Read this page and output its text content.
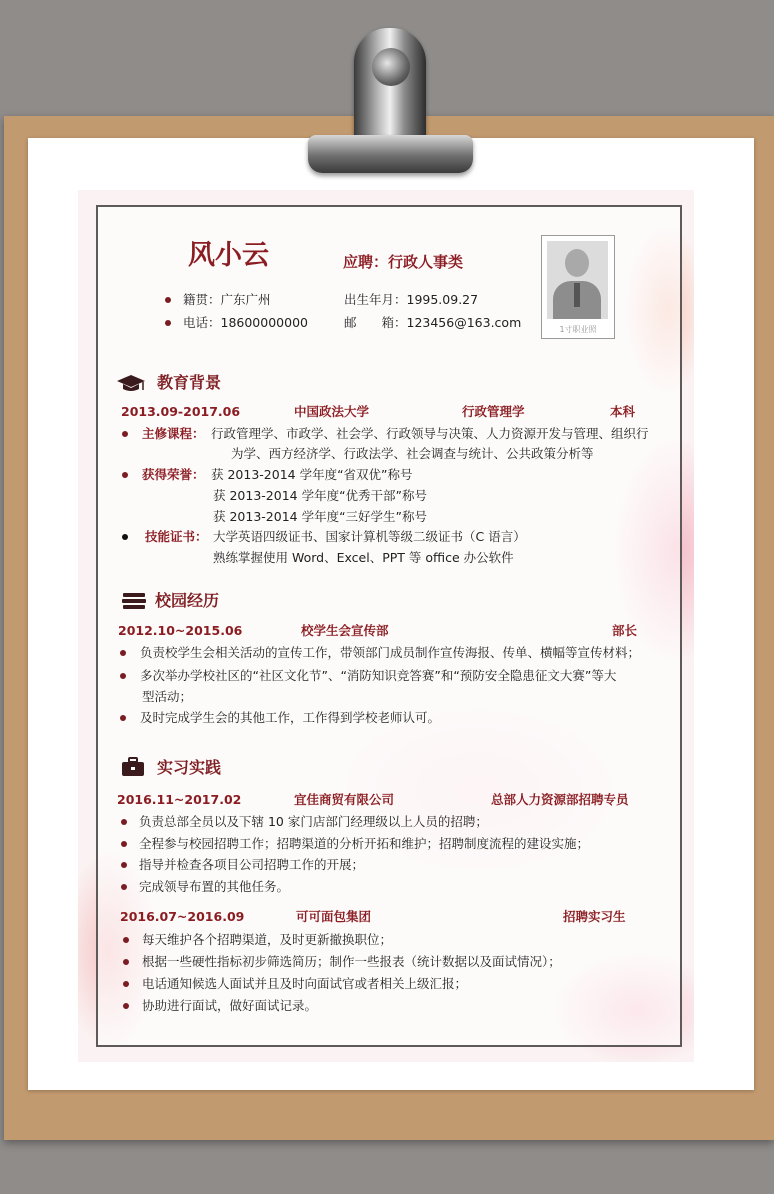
风小云	应聘：行政人事类
籍贯：广东广州	出生年月：1995.09.27
电话：18600000000	邮　　箱：123456@163.com	1寸职业照
教育背景
2013.09-2017.06	中国政法大学	行政管理学	本科
主修课程： 行政管理学、市政学、社会学、行政领导与决策、人力资源开发与管理、组织行
为学、西方经济学、行政法学、社会调查与统计、公共政策分析等
获得荣誉： 获 2013-2014 学年度“省双优”称号
获 2013-2014 学年度“优秀干部”称号
获 2013-2014 学年度“三好学生”称号
技能证书： 大学英语四级证书、国家计算机等级二级证书（C 语言）
熟练掌握使用 Word、Excel、PPT 等 office 办公软件
校园经历
2012.10~2015.06	校学生会宣传部	部长
负责校学生会相关活动的宣传工作，带领部门成员制作宣传海报、传单、横幅等宣传材料；
多次举办学校社区的“社区文化节”、“消防知识竞答赛”和“预防安全隐患征文大赛”等大
型活动；
及时完成学生会的其他工作，工作得到学校老师认可。
实习实践
2016.11~2017.02	宜佳商贸有限公司	总部人力资源部招聘专员
负责总部全员以及下辖 10 家门店部门经理级以上人员的招聘；
全程参与校园招聘工作；招聘渠道的分析开拓和维护；招聘制度流程的建设实施；
指导并检查各项目公司招聘工作的开展；
完成领导布置的其他任务。
2016.07~2016.09	可可面包集团	招聘实习生
每天维护各个招聘渠道，及时更新撤换职位；
根据一些硬性指标初步筛选简历；制作一些报表（统计数据以及面试情况）；
电话通知候选人面试并且及时向面试官或者相关上级汇报；
协助进行面试，做好面试记录。
